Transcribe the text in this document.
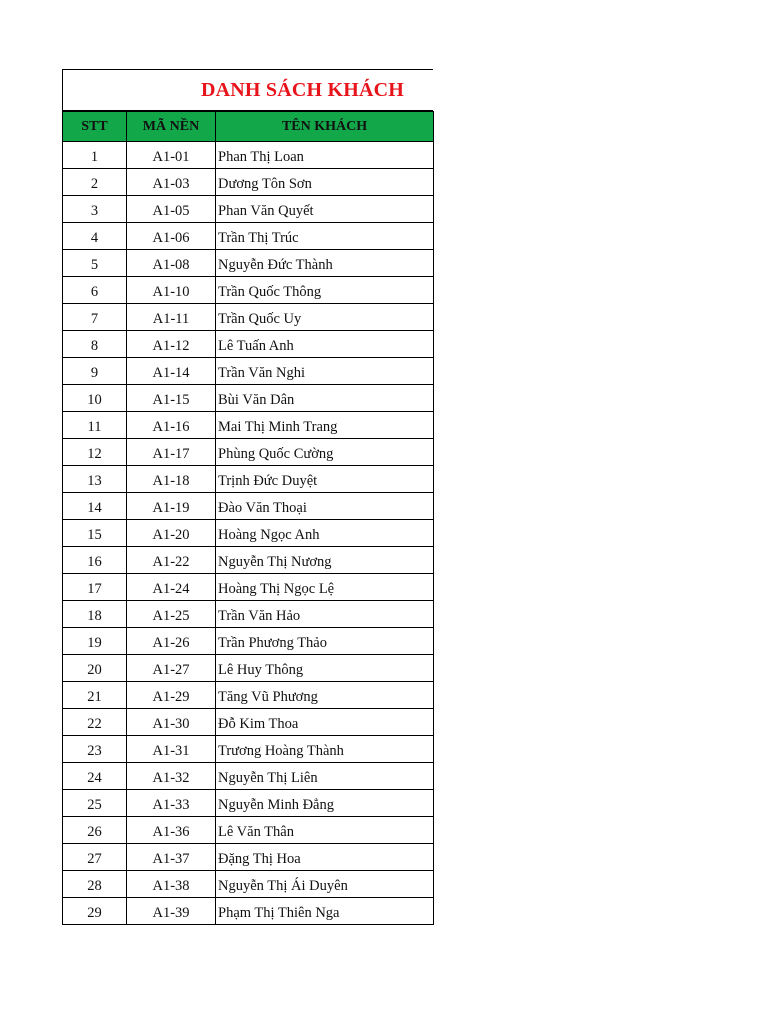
DANH SÁCH KHÁCH
STT	MÃ NỀN	TÊN KHÁCH
1	A1-01	Phan Thị Loan
2	A1-03	Dương Tôn Sơn
3	A1-05	Phan Văn Quyết
4	A1-06	Trần Thị Trúc
5	A1-08	Nguyễn Đức Thành
6	A1-10	Trần Quốc Thông
7	A1-11	Trần Quốc Uy
8	A1-12	Lê Tuấn Anh
9	A1-14	Trần Văn Nghi
10	A1-15	Bùi Văn Dân
11	A1-16	Mai Thị Minh Trang
12	A1-17	Phùng Quốc Cường
13	A1-18	Trịnh Đức Duyệt
14	A1-19	Đào Văn Thoại
15	A1-20	Hoàng Ngọc Anh
16	A1-22	Nguyễn Thị Nương
17	A1-24	Hoàng Thị Ngọc Lệ
18	A1-25	Trần Văn Hảo
19	A1-26	Trần Phương Thảo
20	A1-27	Lê Huy Thông
21	A1-29	Tăng Vũ Phương
22	A1-30	Đỗ Kim Thoa
23	A1-31	Trương Hoàng Thành
24	A1-32	Nguyễn Thị Liên
25	A1-33	Nguyễn Minh Đẳng
26	A1-36	Lê Văn Thân
27	A1-37	Đặng Thị Hoa
28	A1-38	Nguyễn Thị Ái Duyên
29	A1-39	Phạm Thị Thiên Nga
